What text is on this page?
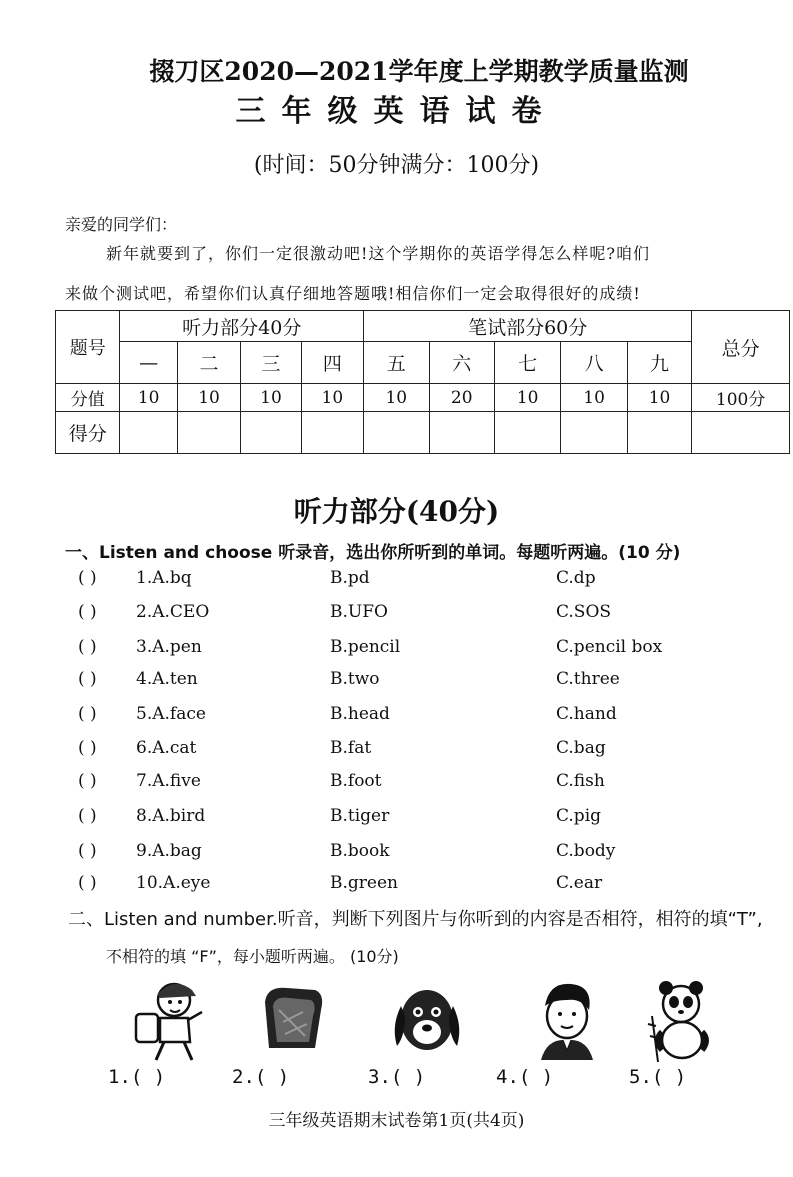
掇刀区2020—2021学年度上学期教学质量监测
三年级英语试卷
(时间：50分钟满分：100分)
亲爱的同学们：
新年就要到了，你们一定很激动吧!这个学期你的英语学得怎么样呢?咱们
来做个测试吧，希望你们认真仔细地答题哦!相信你们一定会取得很好的成绩!
题号	听力部分40分				笔试部分60分					总分
	—	二	三	四	五	六	七	八	九	
分值	10	10	10	10	10	20	10	10	10	100分
得分										
听力部分(40分)
一、Listen and choose 听录音，选出你所听到的单词。每题听两遍。(10 分)
( ) 1.A.bq	B.pd	C.dp
( ) 2.A.CEO	B.UFO	C.SOS
( ) 3.A.pen	B.pencil	C.pencil box
( ) 4.A.ten	B.two	C.three
( ) 5.A.face	B.head	C.hand
( ) 6.A.cat	B.fat	C.bag
( ) 7.A.five	B.foot	C.fish
( ) 8.A.bird	B.tiger	C.pig
( ) 9.A.bag	B.book	C.body
( ) 10.A.eye	B.green	C.ear
二、Listen and number.听音，判断下列图片与你听到的内容是否相符，相符的填“T”,
不相符的填 “F”，每小题听两遍。 (10分)
1.( )	2.( )	3.( )	4.( )	5.( )
三年级英语期末试卷第1页(共4页)
